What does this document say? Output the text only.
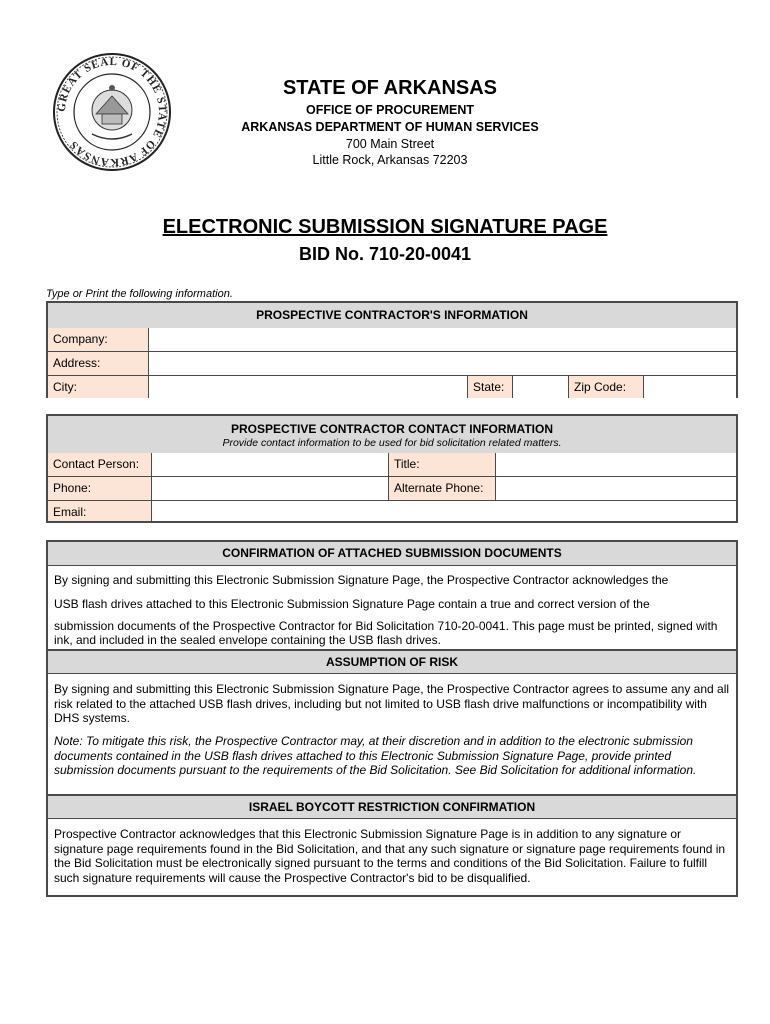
GREAT SEAL OF THE STATE OF ARKANSAS
STATE OF ARKANSAS
OFFICE OF PROCUREMENT
ARKANSAS DEPARTMENT OF HUMAN SERVICES
700 Main Street
Little Rock, Arkansas 72203
ELECTRONIC SUBMISSION SIGNATURE PAGE
BID No. 710-20-0041
Type or Print the following information.
PROSPECTIVE CONTRACTOR'S INFORMATION
Company:
Address:
City:	State:	Zip Code:
PROSPECTIVE CONTRACTOR CONTACT INFORMATION
Provide contact information to be used for bid solicitation related matters.
Contact Person:	Title:
Phone:	Alternate Phone:
Email:
CONFIRMATION OF ATTACHED SUBMISSION DOCUMENTS
By signing and submitting this Electronic Submission Signature Page, the Prospective Contractor acknowledges the
USB flash drives attached to this Electronic Submission Signature Page contain a true and correct version of the
submission documents of the Prospective Contractor for Bid Solicitation 710-20-0041. This page must be printed, signed with ink, and included in the sealed envelope containing the USB flash drives.
ASSUMPTION OF RISK
By signing and submitting this Electronic Submission Signature Page, the Prospective Contractor agrees to assume any and all risk related to the attached USB flash drives, including but not limited to USB flash drive malfunctions or incompatibility with DHS systems.
Note: To mitigate this risk, the Prospective Contractor may, at their discretion and in addition to the electronic submission documents contained in the USB flash drives attached to this Electronic Submission Signature Page, provide printed submission documents pursuant to the requirements of the Bid Solicitation. See Bid Solicitation for additional information.
ISRAEL BOYCOTT RESTRICTION CONFIRMATION
Prospective Contractor acknowledges that this Electronic Submission Signature Page is in addition to any signature or signature page requirements found in the Bid Solicitation, and that any such signature or signature page requirements found in the Bid Solicitation must be electronically signed pursuant to the terms and conditions of the Bid Solicitation. Failure to fulfill such signature requirements will cause the Prospective Contractor's bid to be disqualified.
